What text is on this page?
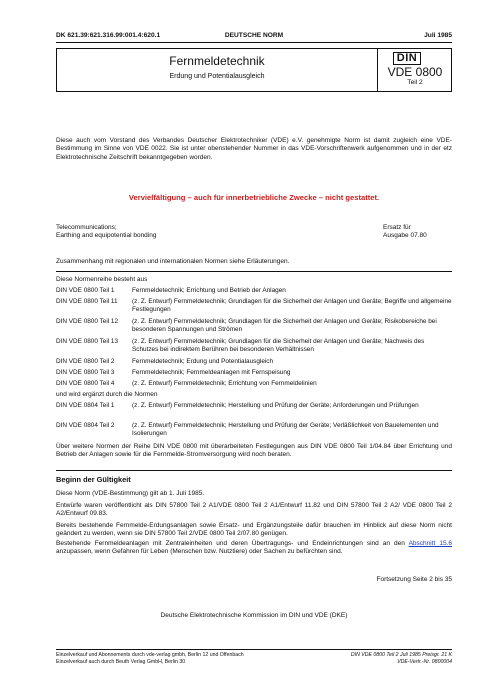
DK 621.39:621.316.99:001.4:620.1	DEUTSCHE NORM	Juli 1985
Fernmeldetechnik
Erdung und Potentialausgleich
DIN
VDE 0800
Teil 2

Diese auch vom Vorstand des Verbandes Deutscher Elektrotechniker (VDE) e.V. genehmigte Norm ist damit zugleich eine VDE-Bestimmung im Sinne von VDE 0022. Sie ist unter obenstehender Nummer in das VDE-Vorschriftenwerk aufgenommen und in der etz Elektrotechnische Zeitschrift bekanntgegeben worden.

Vervielfältigung – auch für innerbetriebliche Zwecke – nicht gestattet.

Telecommunications;

Earthing and equipotential bonding

Ersatz für

Ausgabe 07.80

Zusammenhang mit regionalen und internationalen Normen siehe Erläuterungen.

Diese Normenreihe besteht aus

DIN VDE 0800 Teil 1	Fernmeldetechnik; Errichtung und Betrieb der Anlagen
DIN VDE 0800 Teil 11 (z. Z. Entwurf) Fernmeldetechnik; Grundlagen für die Sicherheit der Anlagen und Geräte; Begriffe und allgemeine Festlegungen
DIN VDE 0800 Teil 12 (z. Z. Entwurf) Fernmeldetechnik; Grundlagen für die Sicherheit der Anlagen und Geräte; Risikobereiche bei besonderen Spannungen und Strömen
DIN VDE 0800 Teil 13 (z. Z. Entwurf) Fernmeldetechnik; Grundlagen für die Sicherheit der Anlagen und Geräte; Nachweis des Schutzes bei indirektem Berühren bei besonderen Verhältnissen
DIN VDE 0800 Teil 2	Fernmeldetechnik; Erdung und Potentialausgleich
DIN VDE 0800 Teil 3	Fernmeldetechnik; Fernmeldeanlagen mit Fernspeisung
DIN VDE 0800 Teil 4	(z. Z. Entwurf) Fernmeldetechnik; Errichtung von Fernmeldelinien

und wird ergänzt durch die Normen

DIN VDE 0804 Teil 1	(z. Z. Entwurf) Fernmeldetechnik; Herstellung und Prüfung der Geräte; Anforderungen und Prüfungen
DIN VDE 0804 Teil 2	(z. Z. Entwurf) Fernmeldetechnik; Herstellung und Prüfung der Geräte; Verläßlichkeit von Bauelementen und Isolierungen

Über weitere Normen der Reihe DIN VDE 0800 mit überarbeiteten Festlegungen aus DIN VDE 0800 Teil 1/04.84 über Errichtung und Betrieb der Anlagen sowie für die Fernmelde-Stromversorgung wird noch beraten.

Beginn der Gültigkeit

Diese Norm (VDE-Bestimmung) gilt ab 1. Juli 1985.

Entwürfe waren veröffentlicht als DIN 57800 Teil 2 A1/VDE 0800 Teil 2 A1/Entwurf 11.82 und DIN 57800 Teil 2 A2/ VDE 0800 Teil 2 A2/Entwurf 09.83.

Bereits bestehende Fernmelde-Erdungsanlagen sowie Ersatz- und Ergänzungsteile dafür brauchen im Hinblick auf diese Norm nicht geändert zu werden, wenn sie DIN 57800 Teil 2/VDE 0800 Teil 2/07.80 genügen.

Bestehende Fernmeldeanlagen mit Zentraleinheiten und deren Übertragungs- und Endeinrichtungen sind an den Abschnitt 15.6 anzupassen, wenn Gefahren für Leben (Menschen bzw. Nutztiere) oder Sachen zu befürchten sind.

Fortsetzung Seite 2 bis 35

Deutsche Elektrotechnische Kommission im DIN und VDE (DKE)

Einzelverkauf und Abonnements durch vde-verlag gmbh, Berlin 12 und Offenbach

Einzelverkauf auch durch Beuth Verlag GmbH, Berlin 30

DIN VDE 0800 Teil 2 Juli 1985 Preisgr. 21 K

VDE-Vertr.-Nr. 0800004
